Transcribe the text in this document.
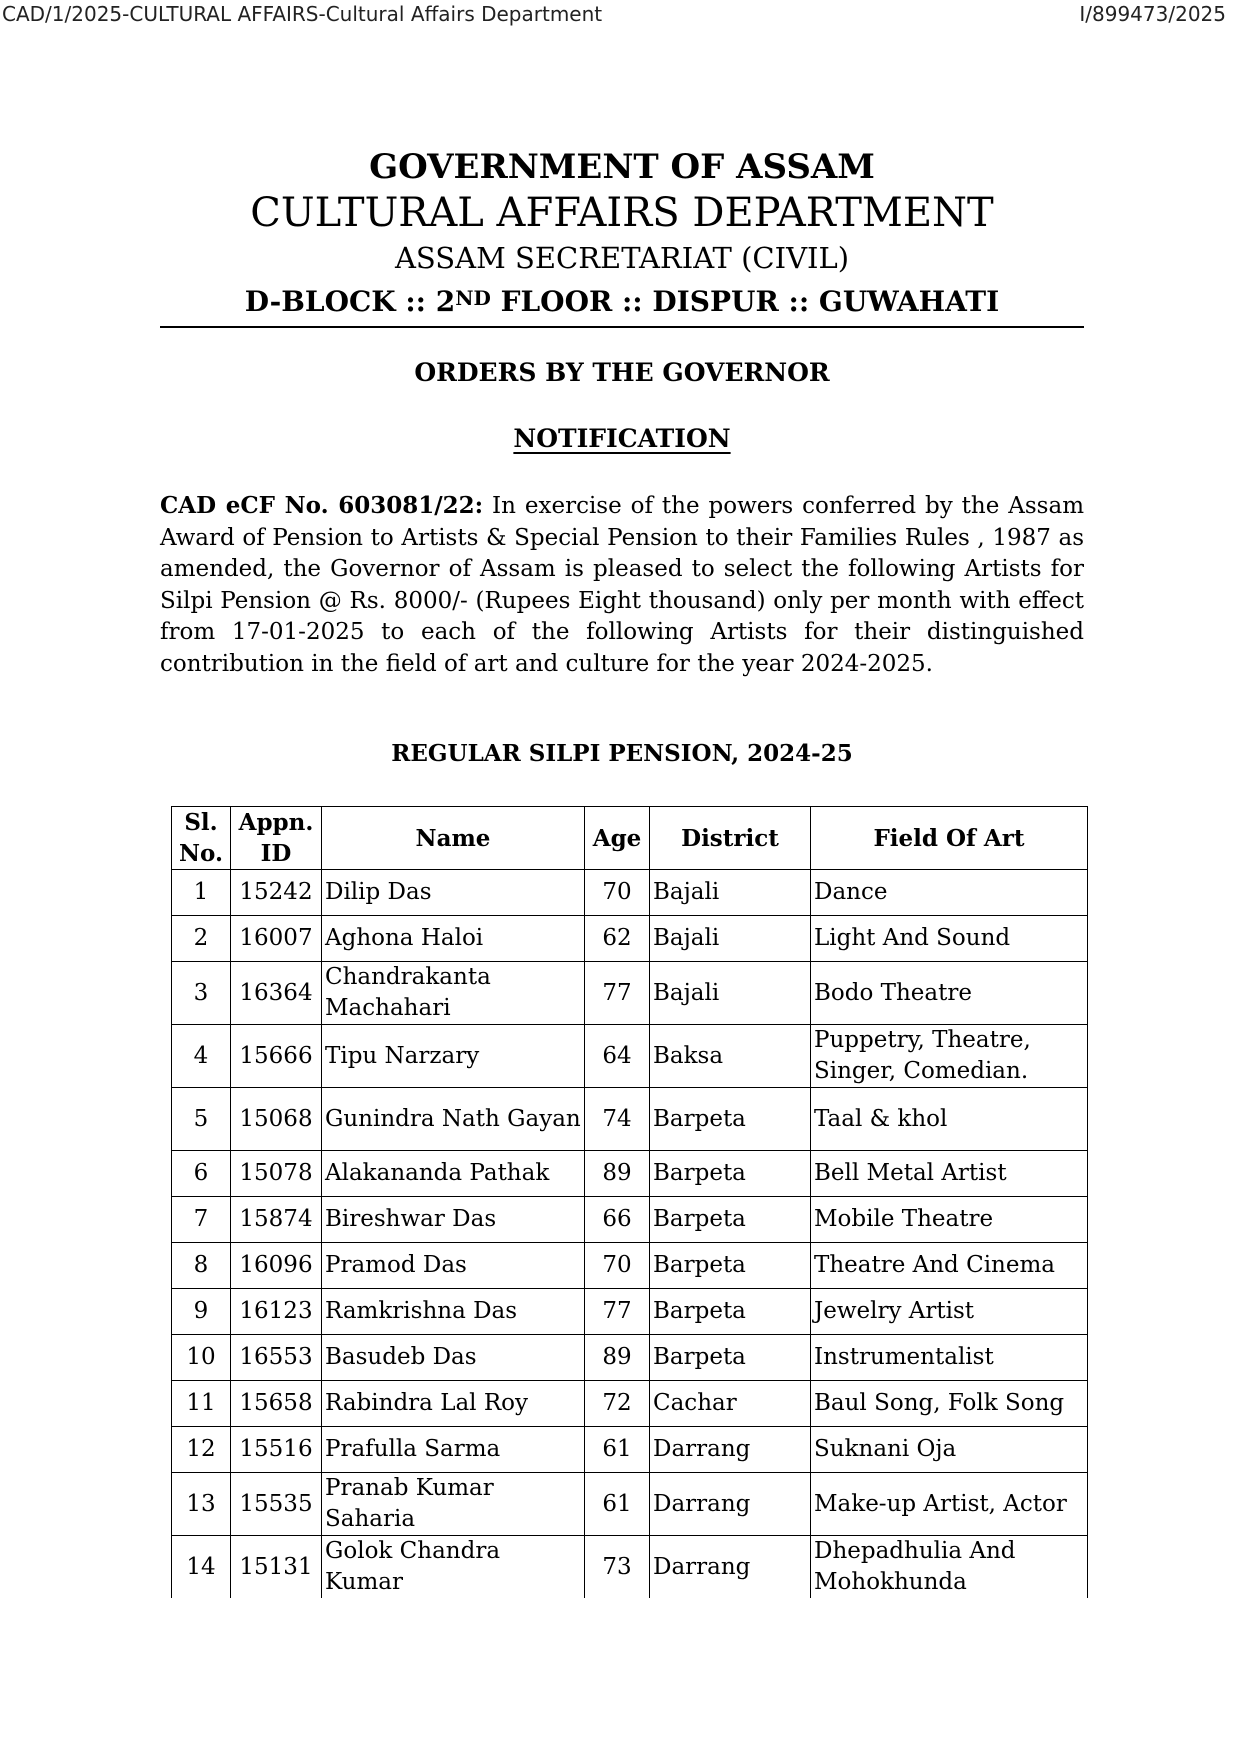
CAD/1/2025-CULTURAL AFFAIRS-Cultural Affairs Department	I/899473/2025
GOVERNMENT OF ASSAM
CULTURAL AFFAIRS DEPARTMENT
ASSAM SECRETARIAT (CIVIL)
D-BLOCK :: 2ND FLOOR :: DISPUR :: GUWAHATI
ORDERS BY THE GOVERNOR
NOTIFICATION
CAD eCF No. 603081/22: In exercise of the powers conferred by the Assam Award of Pension to Artists & Special Pension to their Families Rules , 1987 as amended, the Governor of Assam is pleased to select the following Artists for Silpi Pension @ Rs. 8000/- (Rupees Eight thousand) only per month with effect from 17-01-2025 to each of the following Artists for their distinguished contribution in the field of art and culture for the year 2024-2025.
REGULAR SILPI PENSION, 2024-25
Sl. No.	Appn. ID	Name	Age	District	Field Of Art
1	15242	Dilip Das	70	Bajali	Dance
2	16007	Aghona Haloi	62	Bajali	Light And Sound
3	16364	Chandrakanta Machahari	77	Bajali	Bodo Theatre
4	15666	Tipu Narzary	64	Baksa	Puppetry, Theatre, Singer, Comedian.
5	15068	Gunindra Nath Gayan	74	Barpeta	Taal & khol
6	15078	Alakananda Pathak	89	Barpeta	Bell Metal Artist
7	15874	Bireshwar Das	66	Barpeta	Mobile Theatre
8	16096	Pramod Das	70	Barpeta	Theatre And Cinema
9	16123	Ramkrishna Das	77	Barpeta	Jewelry Artist
10	16553	Basudeb Das	89	Barpeta	Instrumentalist
11	15658	Rabindra Lal Roy	72	Cachar	Baul Song, Folk Song
12	15516	Prafulla Sarma	61	Darrang	Suknani Oja
13	15535	Pranab Kumar Saharia	61	Darrang	Make-up Artist, Actor
14	15131	Golok Chandra Kumar	73	Darrang	Dhepadhulia And Mohokhunda
